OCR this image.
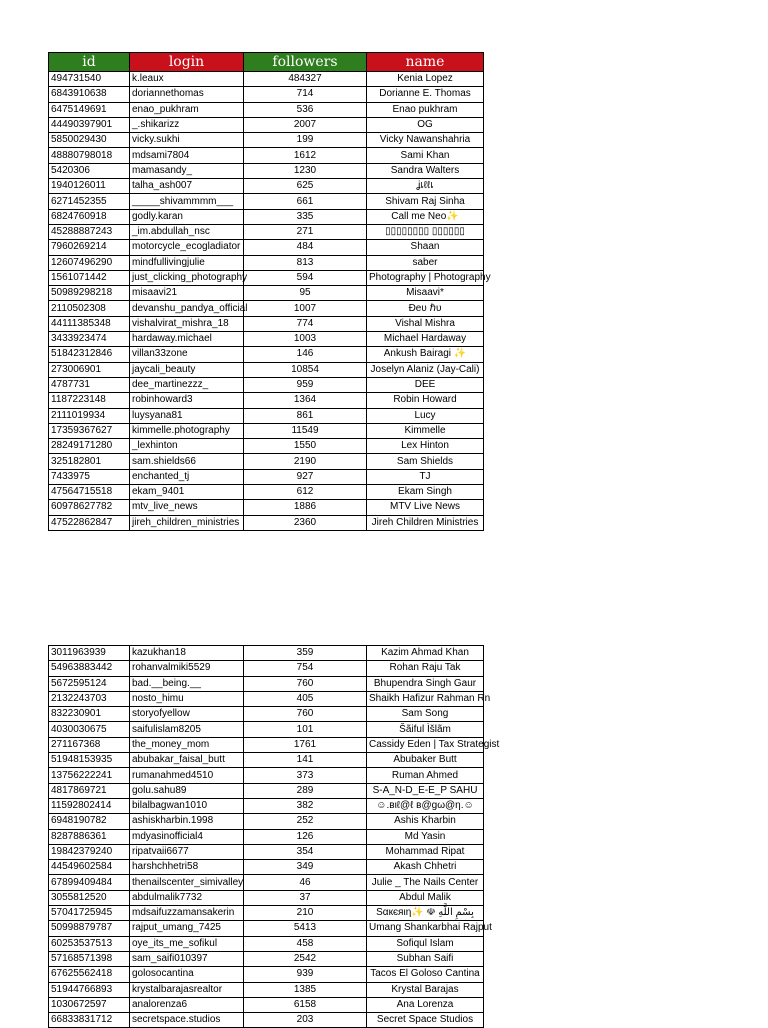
id	login	followers	name
494731540	k.leaux	484327	Kenia Lopez
6843910638	doriannethomas	714	Dorianne E. Thomas
6475149691	enao_pukhram	536	Enao pukhram
44490397901	_.shikarizz	2007	OG
5850029430	vicky.sukhi	199	Vicky Nawanshahria
48880798018	mdsami7804	1612	Sami Khan
5420306	mamasandy_	1230	Sandra Walters
1940126011	talha_ash007	625	ʝเℓℓเ
6271452355	_____shivammmm___	661	Shivam Raj Sinha
6824760918	godly.karan	335	Call me Neo✨
45288887243	_im.abdullah_nsc	271	▯▯▯▯▯▯▯▯ ▯▯▯▯▯▯
7960269214	motorcycle_ecogladiator	484	Shaan
12607496290	mindfullivingjulie	813	saber
1561071442	just_clicking_photography	594	Photography | Photography
50989298218	misaavi21	95	Misaavi*
2110502308	devanshu_pandya_official	1007	Đeʋ ℏυ
44111385348	vishalvirat_mishra_18	774	Vishal Mishra
3433923474	hardaway.michael	1003	Michael Hardaway
51842312846	villan33zone	146	Ankush Bairagi ✨
273006901	jaycali_beauty	10854	Joselyn Alaniz (Jay-Cali)
4787731	dee_martinezzz_	959	DEE
1187223148	robinhoward3	1364	Robin Howard
2111019934	luysyana81	861	Lucy
17359367627	kimmelle.photography	11549	Kimmelle
28249171280	_lexhinton	1550	Lex Hinton
325182801	sam.shields66	2190	Sam Shields
7433975	enchanted_tj	927	TJ
47564715518	ekam_9401	612	Ekam Singh
60978627782	mtv_live_news	1886	MTV Live News
47522862847	jireh_children_ministries	2360	Jireh Children Ministries
3011963939	kazukhan18	359	Kazim Ahmad Khan
54963883442	rohanvalmiki5529	754	Rohan Raju Tak
5672595124	bad.__being.__	760	Bhupendra Singh Gaur
2132243703	nosto_himu	405	Shaikh Hafizur Rahman Rn
832230901	storyofyellow	760	Sam Song
4030030675	saifulislam8205	101	Šãiful Ìšlãm
271167368	the_money_mom	1761	Cassidy Eden | Tax Strategist
51948153935	abubakar_faisal_butt	141	Abubaker Butt
13756222241	rumanahmed4510	373	Ruman Ahmed
4817869721	golu.sahu89	289	S-A_N-D_E-E_P SAHU
11592802414	bilalbagwan1010	382	☺.вιℓ@ℓ в@gω@η.☺
6948190782	ashiskharbin.1998	252	Ashis Kharbin
8287886361	mdyasinofficial4	126	Md Yasin
19842379240	ripatvaii6677	354	Mohammad Ripat
44549602584	harshchhetri58	349	Akash Chhetri
67899409484	thenailscenter_simivalley	46	Julie _ The Nails Center
3055812520	abdulmalik7732	37	Abdul Malik
57041725945	mdsaifuzzamansakerin	210	Sαкєяιη✨ ☫ بِسْمِ اللَّهِ
50998879787	rajput_umang_7425	5413	Umang Shankarbhai Rajput
60253537513	oye_its_me_sofikul	458	Sofiqul Islam
57168571398	sam_saifi010397	2542	Subhan Saifi
67625562418	golosocantina	939	Tacos El Goloso Cantina
51944766893	krystalbarajasrealtor	1385	Krystal Barajas
1030672597	analorenza6	6158	Ana Lorenza
66833831712	secretspace.studios	203	Secret Space Studios
